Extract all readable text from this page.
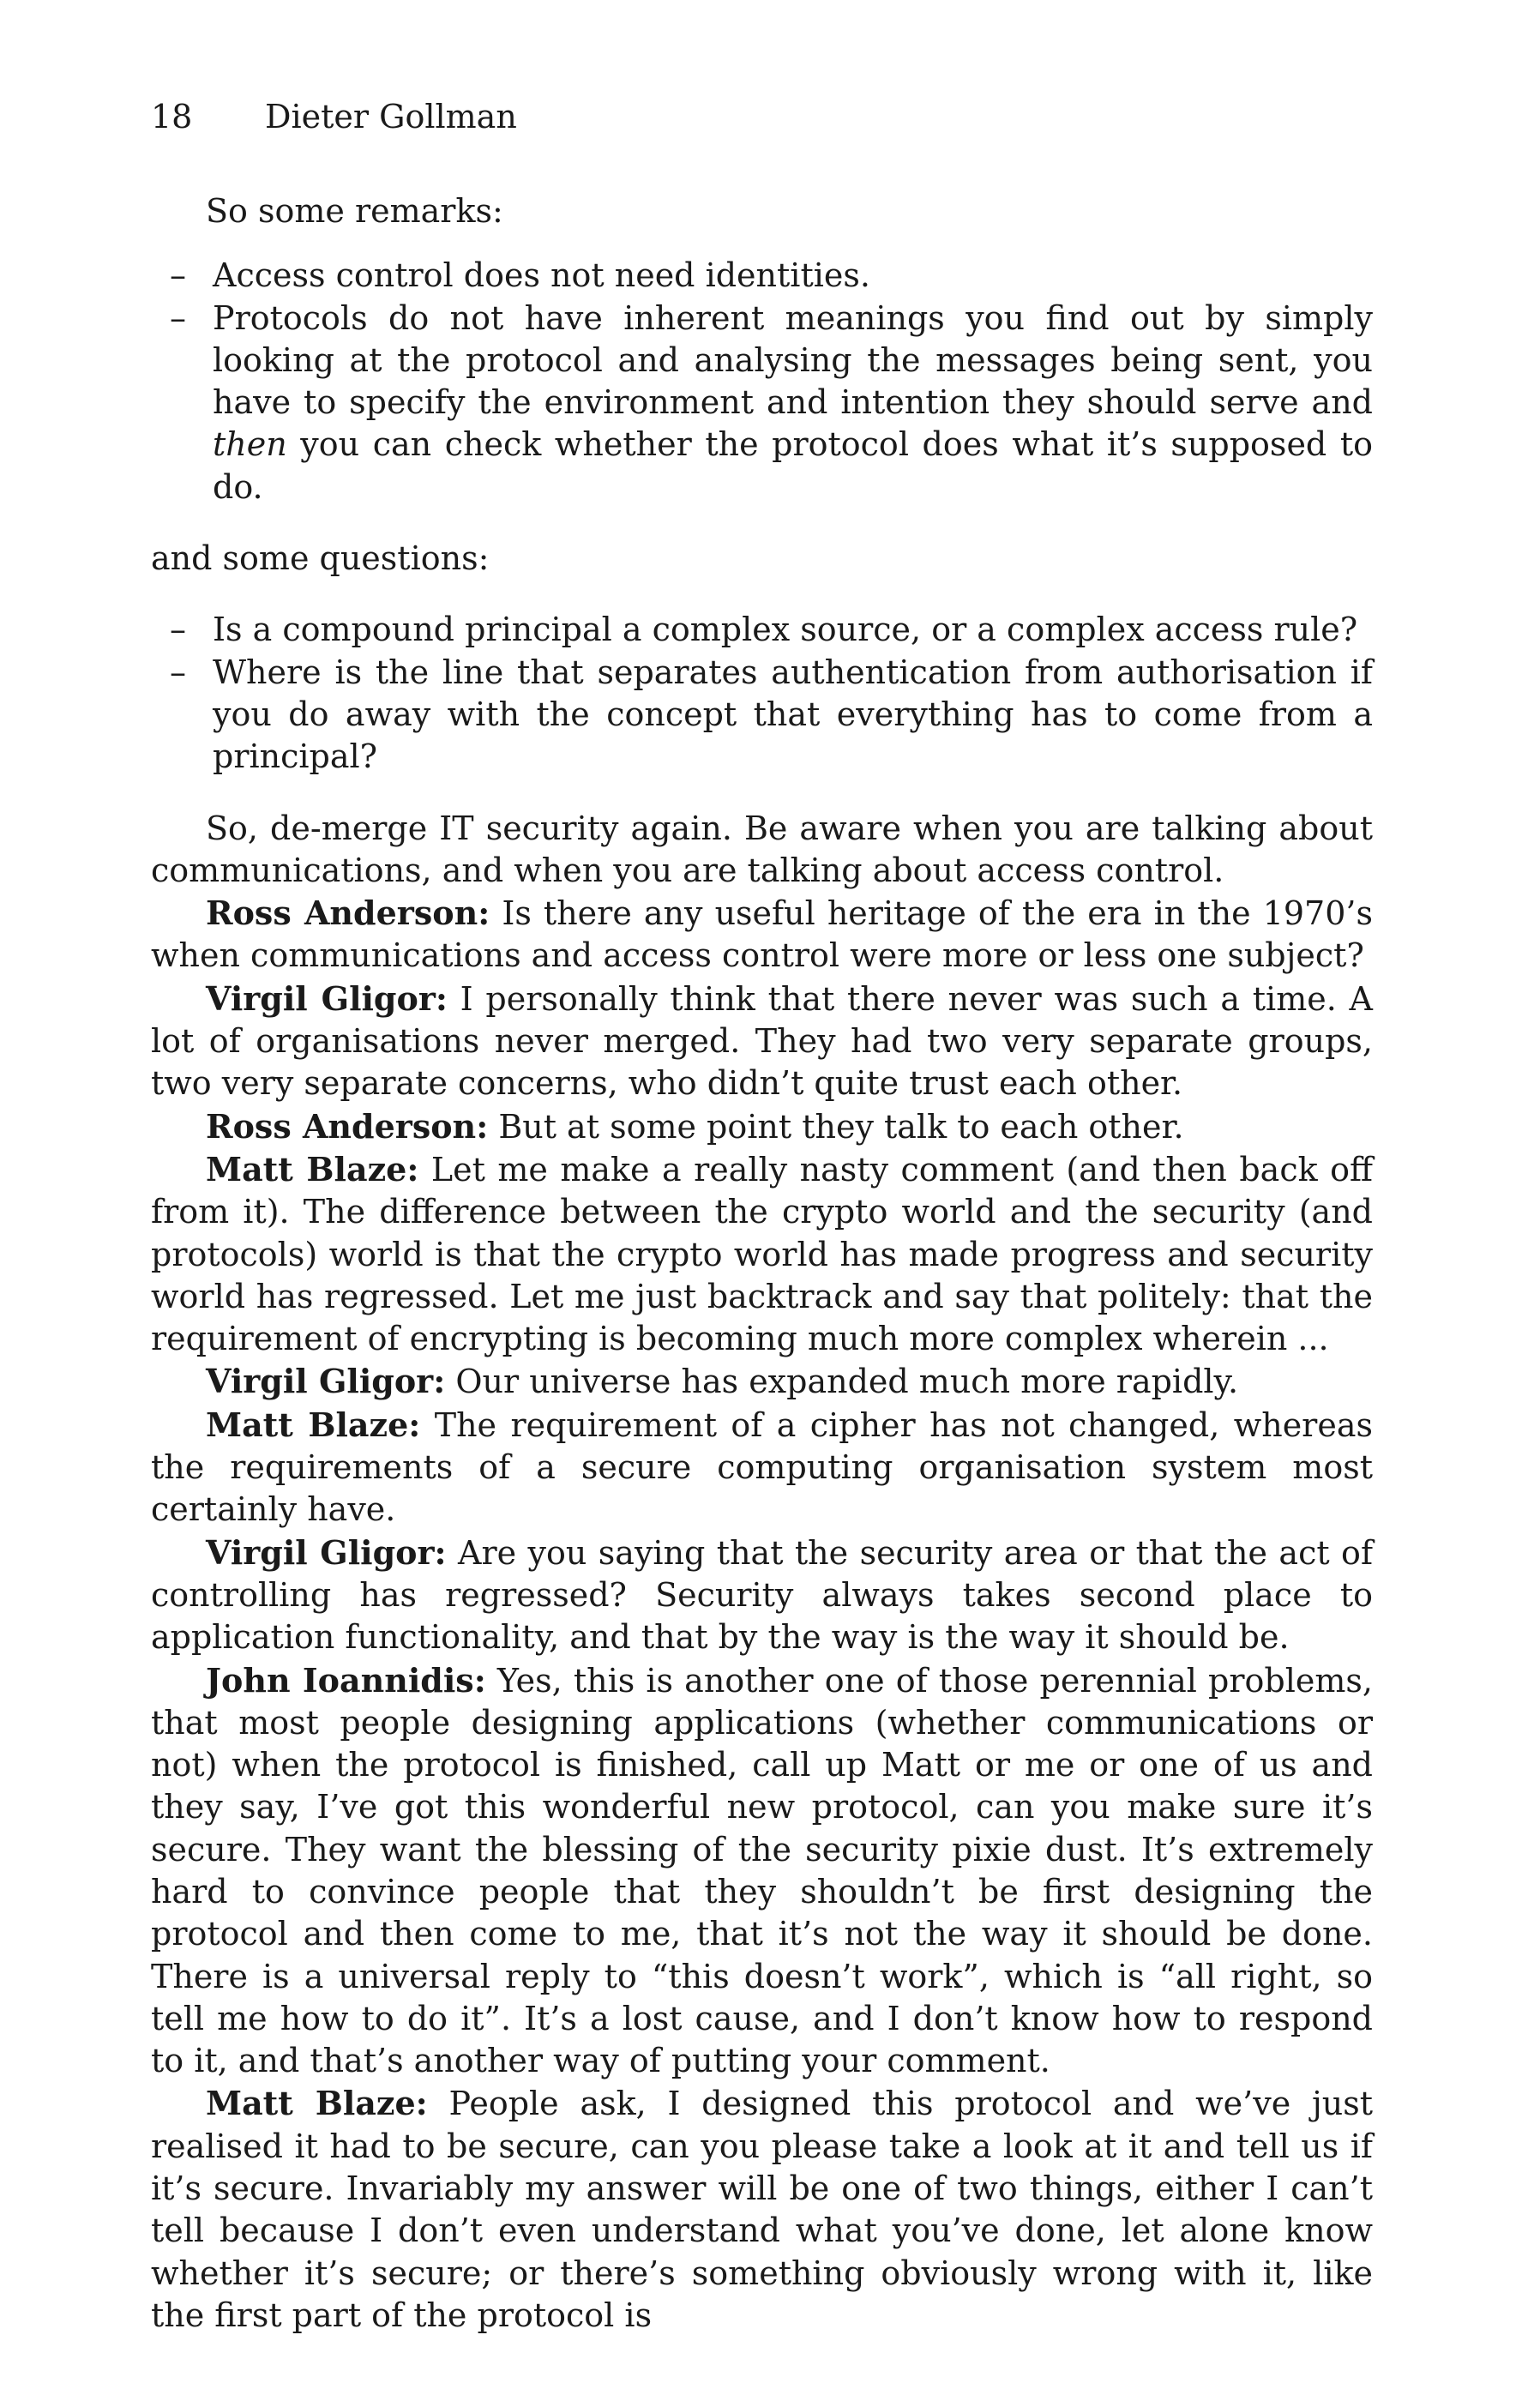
18 Dieter Gollman

So some remarks:

– Access control does not need identities.
– Protocols do not have inherent meanings you find out by simply looking at the protocol and analysing the messages being sent, you have to specify the environment and intention they should serve and then you can check whether the protocol does what it’s supposed to do.

and some questions:

– Is a compound principal a complex source, or a complex access rule?
– Where is the line that separates authentication from authorisation if you do away with the concept that everything has to come from a principal?

So, de-merge IT security again. Be aware when you are talking about communications, and when you are talking about access control.

Ross Anderson: Is there any useful heritage of the era in the 1970’s when communications and access control were more or less one subject?

Virgil Gligor: I personally think that there never was such a time. A lot of organisations never merged. They had two very separate groups, two very separate concerns, who didn’t quite trust each other.

Ross Anderson: But at some point they talk to each other.

Matt Blaze: Let me make a really nasty comment (and then back off from it). The difference between the crypto world and the security (and protocols) world is that the crypto world has made progress and security world has regressed. Let me just backtrack and say that politely: that the requirement of encrypting is becoming much more complex wherein ...

Virgil Gligor: Our universe has expanded much more rapidly.

Matt Blaze: The requirement of a cipher has not changed, whereas the requirements of a secure computing organisation system most certainly have.

Virgil Gligor: Are you saying that the security area or that the act of controlling has regressed? Security always takes second place to application functionality, and that by the way is the way it should be.

John Ioannidis: Yes, this is another one of those perennial problems, that most people designing applications (whether communications or not) when the protocol is finished, call up Matt or me or one of us and they say, I’ve got this wonderful new protocol, can you make sure it’s secure. They want the blessing of the security pixie dust. It’s extremely hard to convince people that they shouldn’t be first designing the protocol and then come to me, that it’s not the way it should be done. There is a universal reply to “this doesn’t work”, which is “all right, so tell me how to do it”. It’s a lost cause, and I don’t know how to respond to it, and that’s another way of putting your comment.

Matt Blaze: People ask, I designed this protocol and we’ve just realised it had to be secure, can you please take a look at it and tell us if it’s secure. Invariably my answer will be one of two things, either I can’t tell because I don’t even understand what you’ve done, let alone know whether it’s secure; or there’s something obviously wrong with it, like the first part of the protocol is
